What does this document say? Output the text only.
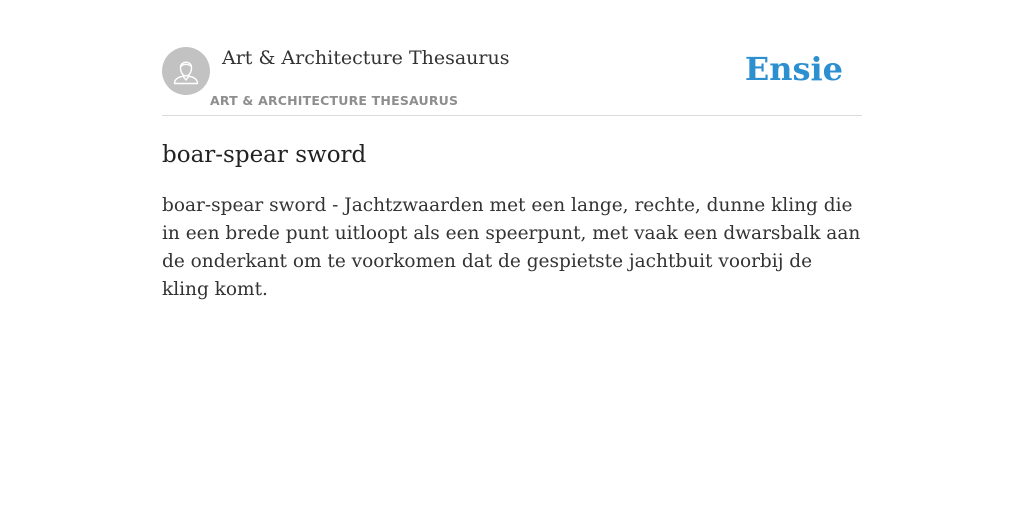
Art & Architecture Thesaurus
ART & ARCHITECTURE THESAURUS
Ensie
boar-spear sword

boar-spear sword - Jachtzwaarden met een lange, rechte, dunne kling die in een brede punt uitloopt als een speerpunt, met vaak een dwarsbalk aan de onderkant om te voorkomen dat de gespietste jachtbuit voorbij de kling komt.
